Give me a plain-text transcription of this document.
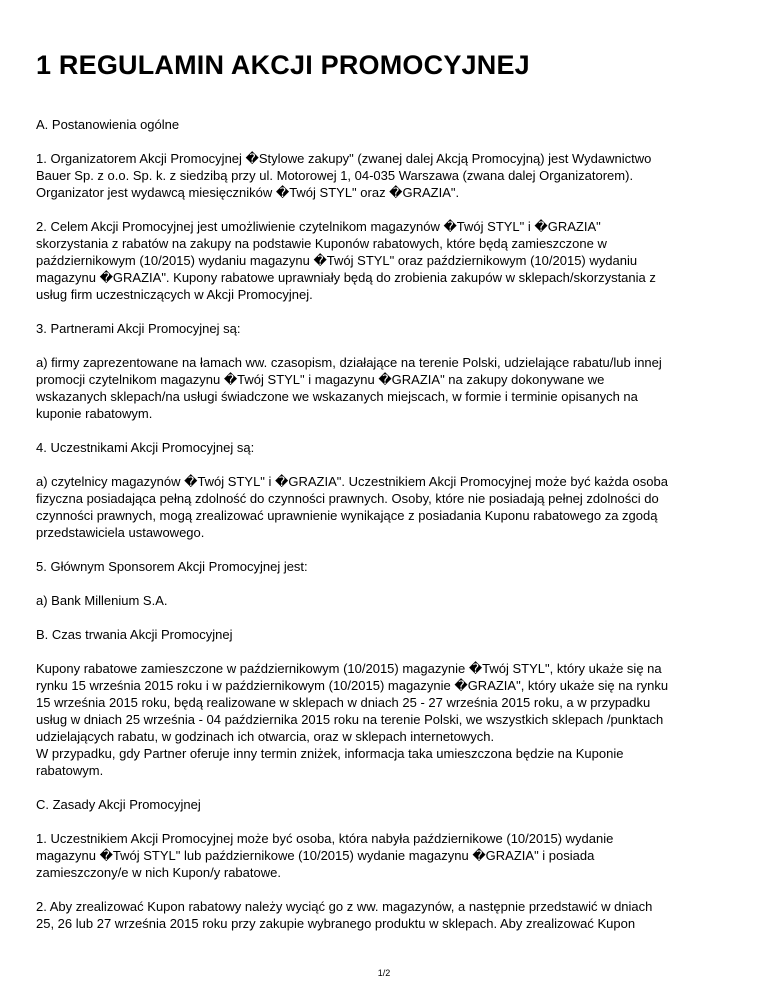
1 REGULAMIN AKCJI PROMOCYJNEJ

A. Postanowienia ogólne

1. Organizatorem Akcji Promocyjnej �Stylowe zakupy" (zwanej dalej Akcją Promocyjną) jest Wydawnictwo
Bauer Sp. z o.o. Sp. k. z siedzibą przy ul. Motorowej 1, 04-035 Warszawa (zwana dalej Organizatorem).
Organizator jest wydawcą miesięczników �Twój STYL" oraz �GRAZIA".

2. Celem Akcji Promocyjnej jest umożliwienie czytelnikom magazynów �Twój STYL" i �GRAZIA"
skorzystania z rabatów na zakupy na podstawie Kuponów rabatowych, które będą zamieszczone w
październikowym (10/2015) wydaniu magazynu �Twój STYL" oraz październikowym (10/2015) wydaniu
magazynu �GRAZIA". Kupony rabatowe uprawniały będą do zrobienia zakupów w sklepach/skorzystania z
usług firm uczestniczących w Akcji Promocyjnej.

3. Partnerami Akcji Promocyjnej są:

a) firmy zaprezentowane na łamach ww. czasopism, działające na terenie Polski, udzielające rabatu/lub innej
promocji czytelnikom magazynu �Twój STYL" i magazynu �GRAZIA" na zakupy dokonywane we
wskazanych sklepach/na usługi świadczone we wskazanych miejscach, w formie i terminie opisanych na
kuponie rabatowym.

4. Uczestnikami Akcji Promocyjnej są:

a) czytelnicy magazynów �Twój STYL" i �GRAZIA". Uczestnikiem Akcji Promocyjnej może być każda osoba
fizyczna posiadająca pełną zdolność do czynności prawnych. Osoby, które nie posiadają pełnej zdolności do
czynności prawnych, mogą zrealizować uprawnienie wynikające z posiadania Kuponu rabatowego za zgodą
przedstawiciela ustawowego.

5. Głównym Sponsorem Akcji Promocyjnej jest:

a) Bank Millenium S.A.

B. Czas trwania Akcji Promocyjnej

Kupony rabatowe zamieszczone w październikowym (10/2015) magazynie �Twój STYL", który ukaże się na
rynku 15 września 2015 roku i w październikowym (10/2015) magazynie �GRAZIA", który ukaże się na rynku
15 września 2015 roku, będą realizowane w sklepach w dniach 25 - 27 września 2015 roku, a w przypadku
usług w dniach 25 września - 04 października 2015 roku na terenie Polski, we wszystkich sklepach /punktach
udzielających rabatu, w godzinach ich otwarcia, oraz w sklepach internetowych.
W przypadku, gdy Partner oferuje inny termin zniżek, informacja taka umieszczona będzie na Kuponie
rabatowym.

C. Zasady Akcji Promocyjnej

1. Uczestnikiem Akcji Promocyjnej może być osoba, która nabyła październikowe (10/2015) wydanie
magazynu �Twój STYL" lub październikowe (10/2015) wydanie magazynu �GRAZIA" i posiada
zamieszczony/e w nich Kupon/y rabatowe.

2. Aby zrealizować Kupon rabatowy należy wyciąć go z ww. magazynów, a następnie przedstawić w dniach
25, 26 lub 27 września 2015 roku przy zakupie wybranego produktu w sklepach. Aby zrealizować Kupon

1/2
